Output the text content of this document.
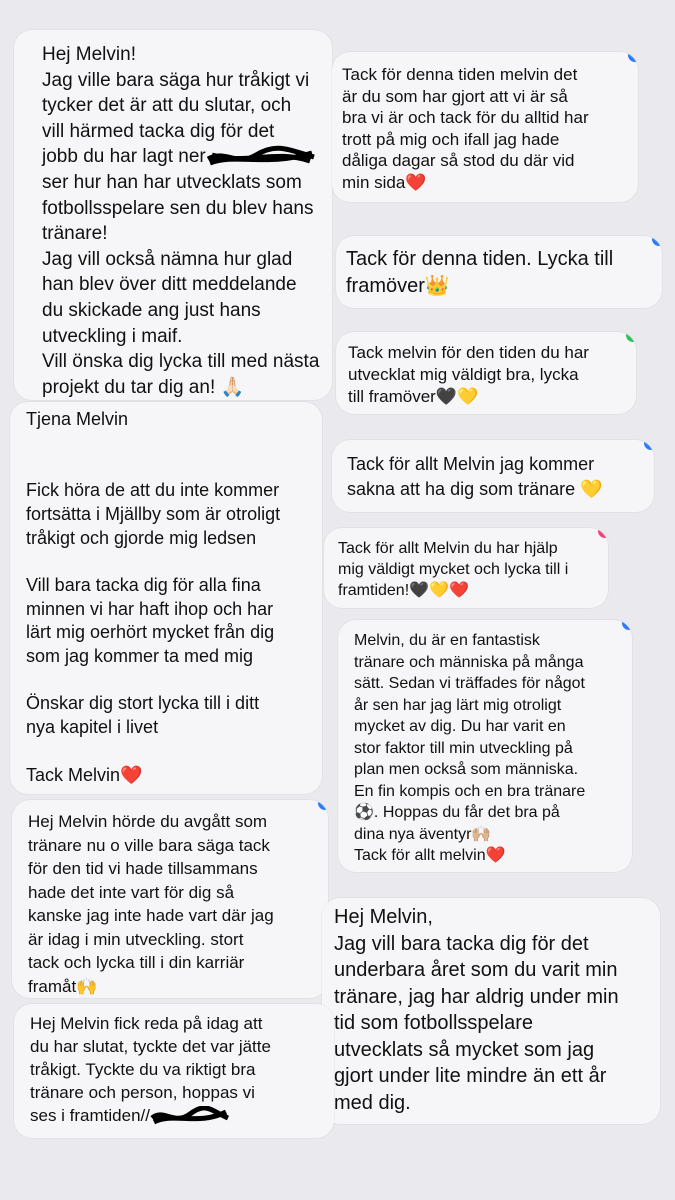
Hej Melvin!
Jag ville bara säga hur tråkigt vi
tycker det är att du slutar, och
vill härmed tacka dig för det
jobb du har lagt ner
ser hur han har utvecklats som
fotbollsspelare sen du blev hans
tränare!
Jag vill också nämna hur glad
han blev över ditt meddelande
du skickade ang just hans
utveckling i maif.
Vill önska dig lycka till med nästa
projekt du tar dig an! 🙏🏻
Tack för denna tiden melvin det
är du som har gjort att vi är så
bra vi är och tack för du alltid har
trott på mig och ifall jag hade
dåliga dagar så stod du där vid
min sida❤️
Tack för denna tiden. Lycka till
framöver👑
Tack melvin för den tiden du har
utvecklat mig väldigt bra, lycka
till framöver🖤💛
Tjena Melvin

Fick höra de att du inte kommer
fortsätta i Mjällby som är otroligt
tråkigt och gjorde mig ledsen

Vill bara tacka dig för alla fina
minnen vi har haft ihop och har
lärt mig oerhört mycket från dig
som jag kommer ta med mig

Önskar dig stort lycka till i ditt
nya kapitel i livet

Tack Melvin❤️
Tack för allt Melvin jag kommer
sakna att ha dig som tränare 💛
Tack för allt Melvin du har hjälp
mig väldigt mycket och lycka till i
framtiden!🖤💛❤️
Melvin, du är en fantastisk
tränare och människa på många
sätt. Sedan vi träffades för något
år sen har jag lärt mig otroligt
mycket av dig. Du har varit en
stor faktor till min utveckling på
plan men också som människa.
En fin kompis och en bra tränare
⚽. Hoppas du får det bra på
dina nya äventyr🙌🏼
Tack för allt melvin❤️
Hej Melvin hörde du avgått som
tränare nu o ville bara säga tack
för den tid vi hade tillsammans
hade det inte vart för dig så
kanske jag inte hade vart där jag
är idag i min utveckling. stort
tack och lycka till i din karriär
framåt🙌
Hej Melvin,
Jag vill bara tacka dig för det
underbara året som du varit min
tränare, jag har aldrig under min
tid som fotbollsspelare
utvecklats så mycket som jag
gjort under lite mindre än ett år
med dig.
Hej Melvin fick reda på idag att
du har slutat, tyckte det var jätte
tråkigt. Tyckte du va riktigt bra
tränare och person, hoppas vi
ses i framtiden//
